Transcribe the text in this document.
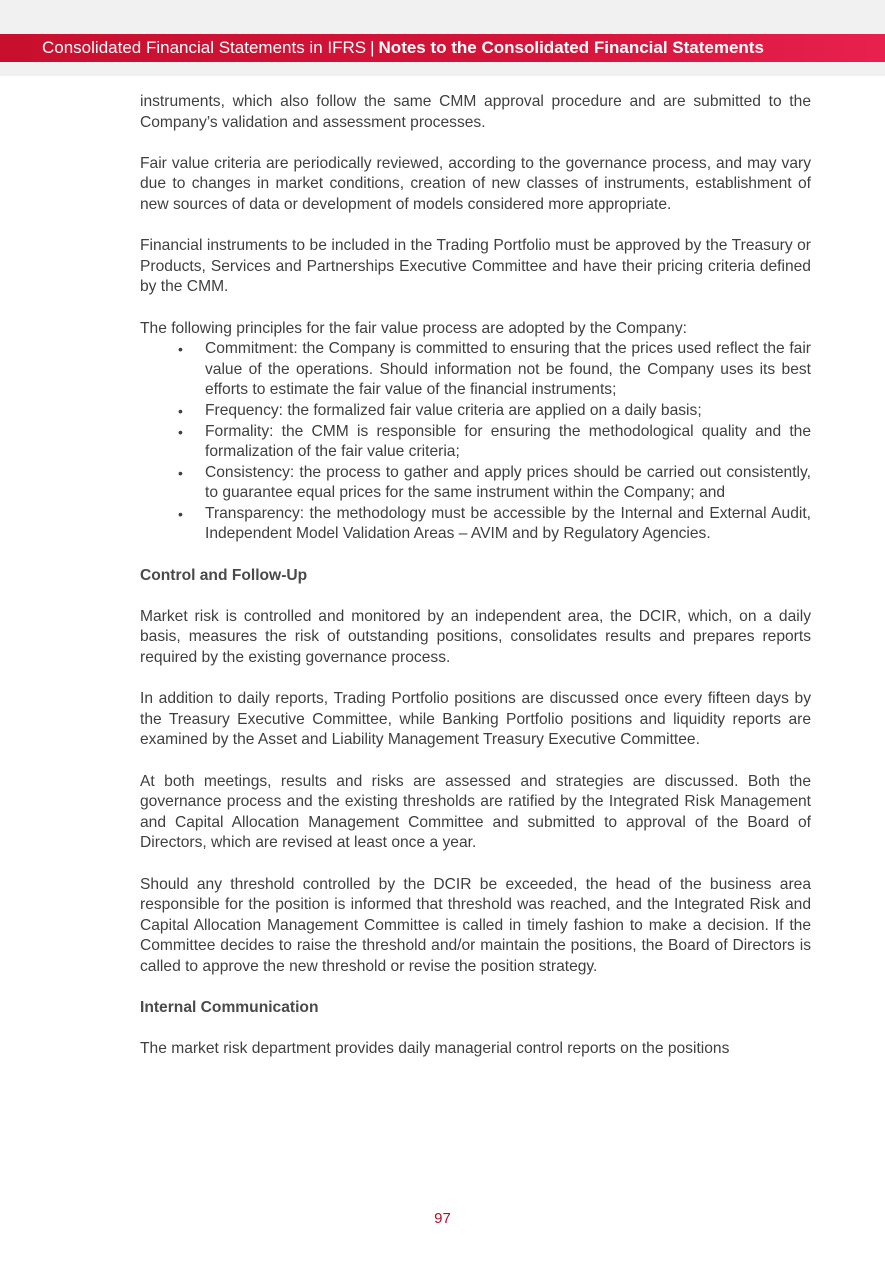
Consolidated Financial Statements in IFRS | Notes to the Consolidated Financial Statements

instruments, which also follow the same CMM approval procedure and are submitted to the Company’s validation and assessment processes.

Fair value criteria are periodically reviewed, according to the governance process, and may vary due to changes in market conditions, creation of new classes of instruments, establishment of new sources of data or development of models considered more appropriate.

Financial instruments to be included in the Trading Portfolio must be approved by the Treasury or Products, Services and Partnerships Executive Committee and have their pricing criteria defined by the CMM.

The following principles for the fair value process are adopted by the Company:

• Commitment: the Company is committed to ensuring that the prices used reflect the fair value of the operations. Should information not be found, the Company uses its best efforts to estimate the fair value of the financial instruments;
• Frequency: the formalized fair value criteria are applied on a daily basis;
• Formality: the CMM is responsible for ensuring the methodological quality and the formalization of the fair value criteria;
• Consistency: the process to gather and apply prices should be carried out consistently, to guarantee equal prices for the same instrument within the Company; and
• Transparency: the methodology must be accessible by the Internal and External Audit, Independent Model Validation Areas – AVIM and by Regulatory Agencies.
Control and Follow-Up

Market risk is controlled and monitored by an independent area, the DCIR, which, on a daily basis, measures the risk of outstanding positions, consolidates results and prepares reports required by the existing governance process.

In addition to daily reports, Trading Portfolio positions are discussed once every fifteen days by the Treasury Executive Committee, while Banking Portfolio positions and liquidity reports are examined by the Asset and Liability Management Treasury Executive Committee.

At both meetings, results and risks are assessed and strategies are discussed. Both the governance process and the existing thresholds are ratified by the Integrated Risk Management and Capital Allocation Management Committee and submitted to approval of the Board of Directors, which are revised at least once a year.

Should any threshold controlled by the DCIR be exceeded, the head of the business area responsible for the position is informed that threshold was reached, and the Integrated Risk and Capital Allocation Management Committee is called in timely fashion to make a decision. If the Committee decides to raise the threshold and/or maintain the positions, the Board of Directors is called to approve the new threshold or revise the position strategy.

Internal Communication

The market risk department provides daily managerial control reports on the positions

97
